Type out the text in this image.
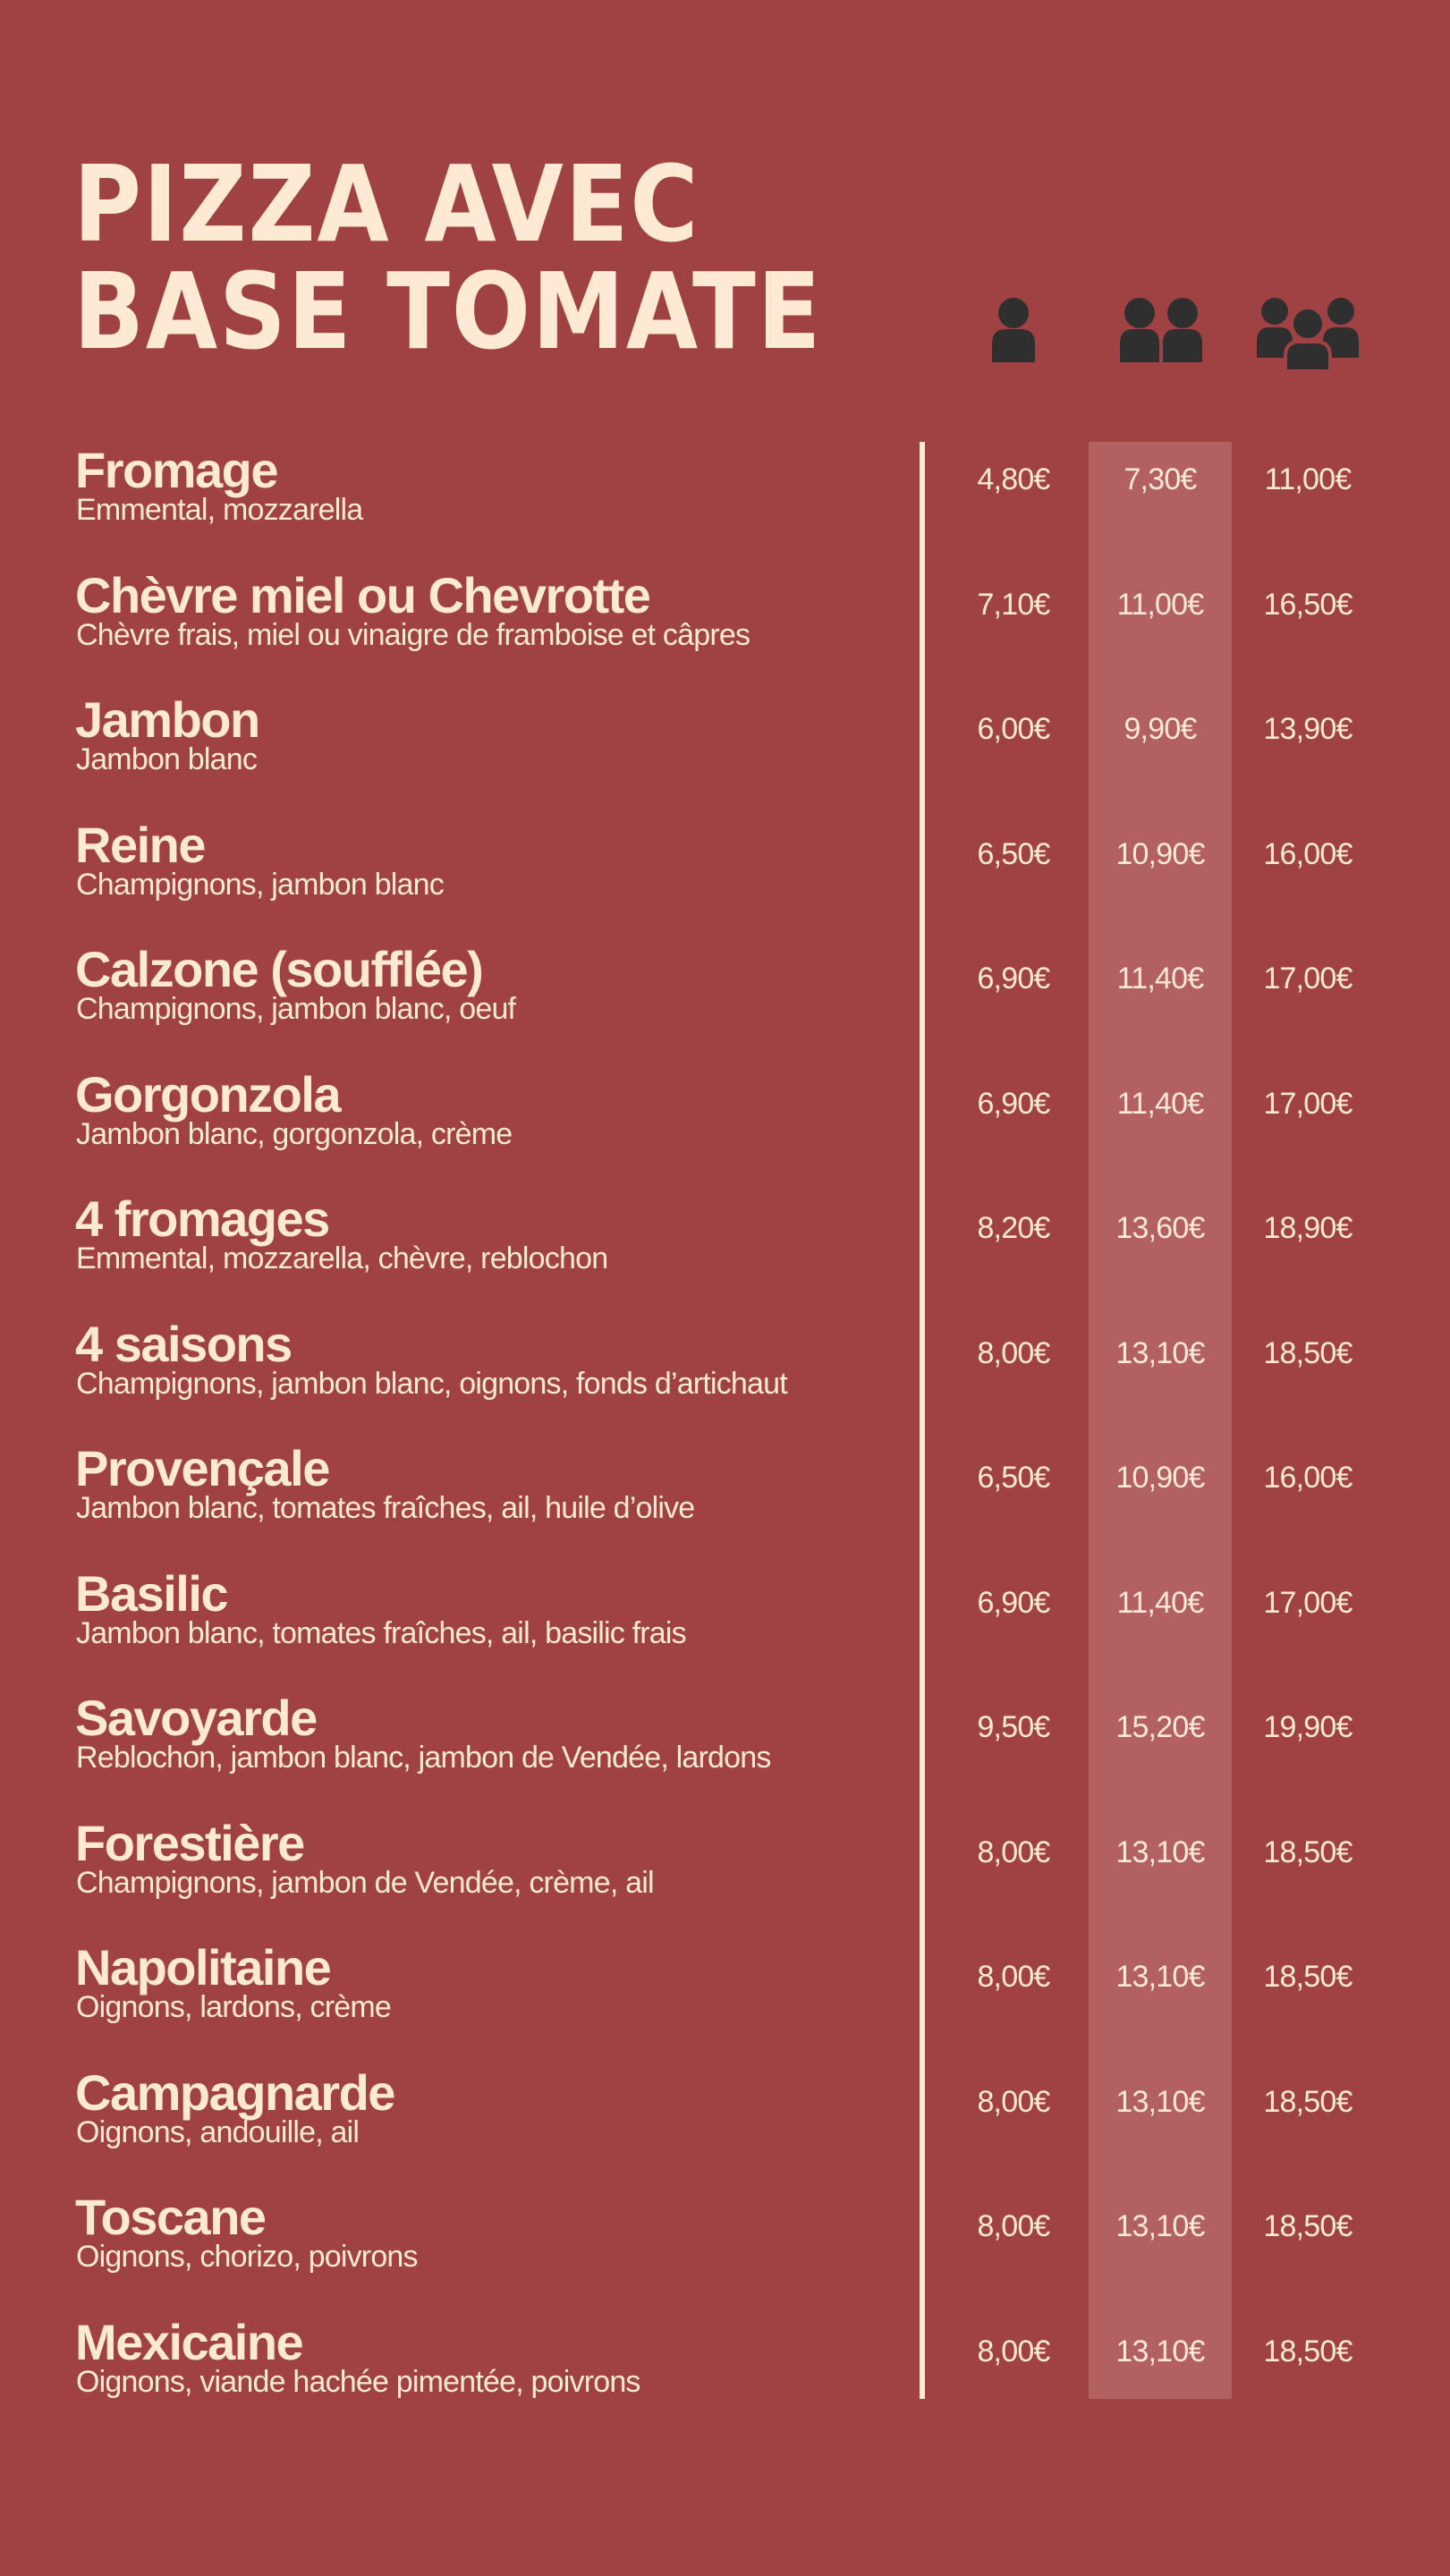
PIZZA AVEC
BASE TOMATE
Fromage
Emmental, mozzarella
4,80€	7,30€	11,00€
Chèvre miel ou Chevrotte
Chèvre frais, miel ou vinaigre de framboise et câpres
7,10€	11,00€	16,50€
Jambon
Jambon blanc
6,00€	9,90€	13,90€
Reine
Champignons, jambon blanc
6,50€	10,90€	16,00€
Calzone (soufflée)
Champignons, jambon blanc, oeuf
6,90€	11,40€	17,00€
Gorgonzola
Jambon blanc, gorgonzola, crème
6,90€	11,40€	17,00€
4 fromages
Emmental, mozzarella, chèvre, reblochon
8,20€	13,60€	18,90€
4 saisons
Champignons, jambon blanc, oignons, fonds d’artichaut
8,00€	13,10€	18,50€
Provençale
Jambon blanc, tomates fraîches, ail, huile d’olive
6,50€	10,90€	16,00€
Basilic
Jambon blanc, tomates fraîches, ail, basilic frais
6,90€	11,40€	17,00€
Savoyarde
Reblochon, jambon blanc, jambon de Vendée, lardons
9,50€	15,20€	19,90€
Forestière
Champignons, jambon de Vendée, crème, ail
8,00€	13,10€	18,50€
Napolitaine
Oignons, lardons, crème
8,00€	13,10€	18,50€
Campagnarde
Oignons, andouille, ail
8,00€	13,10€	18,50€
Toscane
Oignons, chorizo, poivrons
8,00€	13,10€	18,50€
Mexicaine
Oignons, viande hachée pimentée, poivrons
8,00€	13,10€	18,50€
